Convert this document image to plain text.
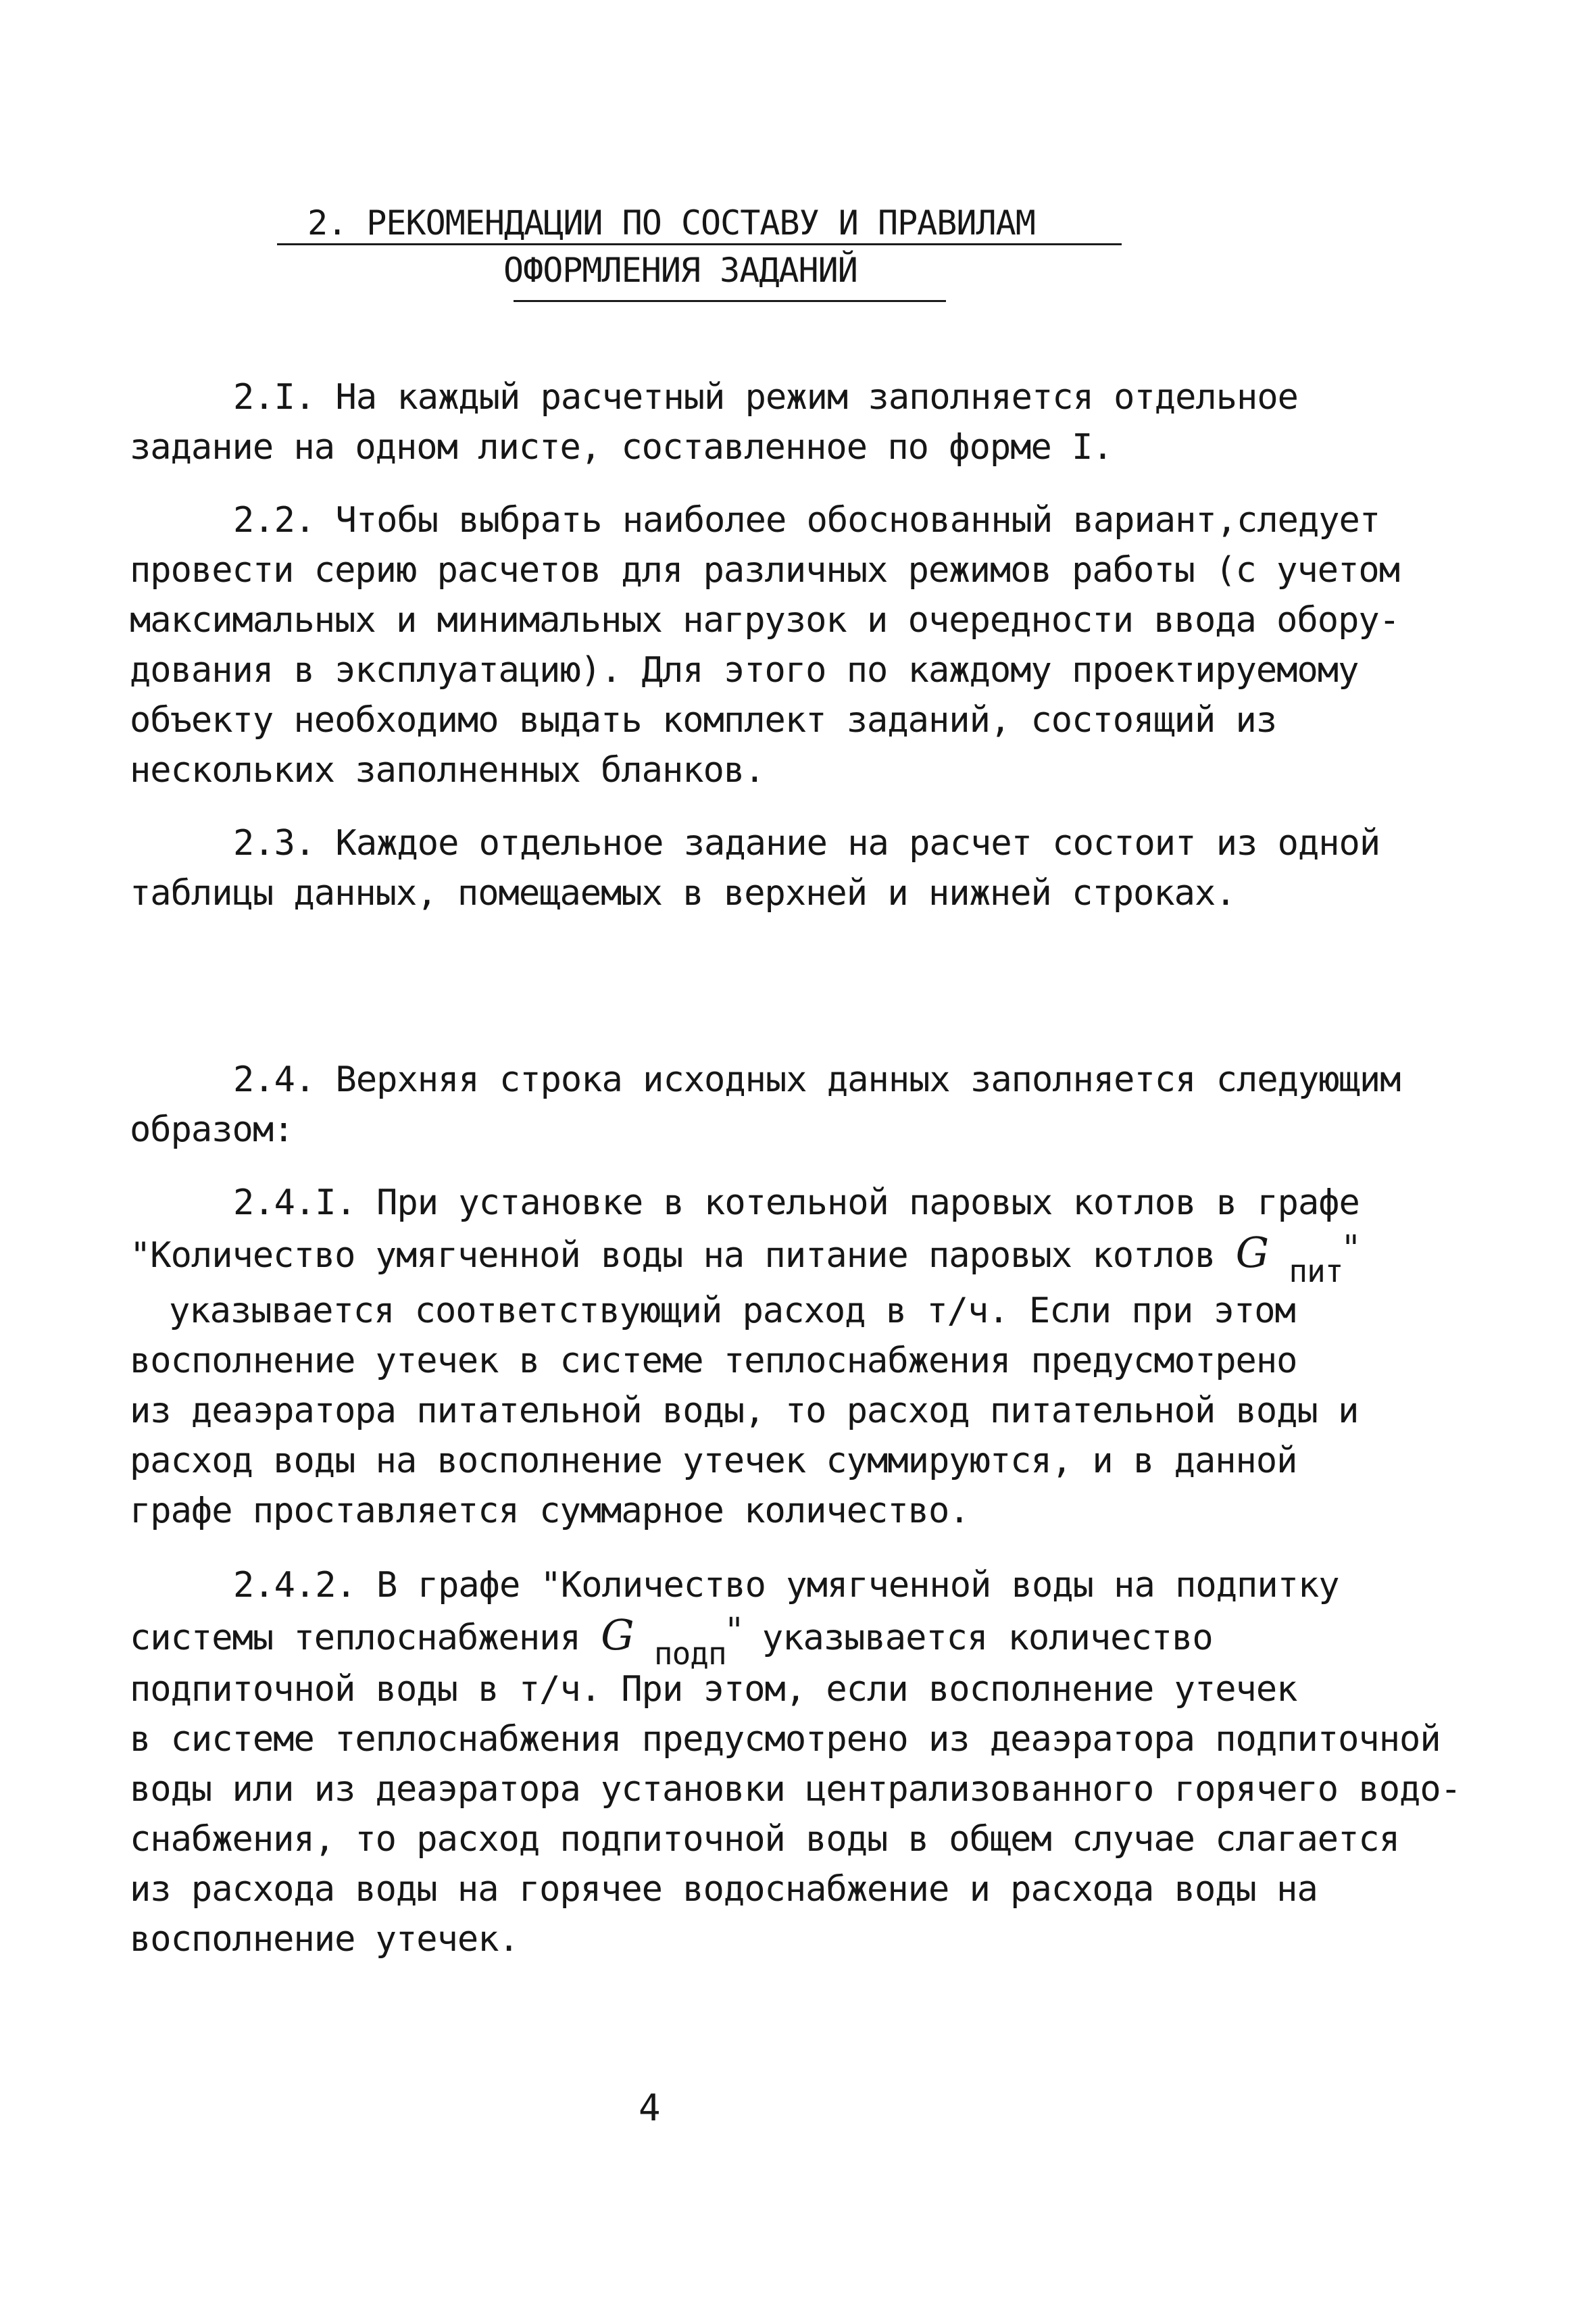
2. РЕКОМЕНДАЦИИ ПО СОСТАВУ И ПРАВИЛАМ
ОФОРМЛЕНИЯ ЗАДАНИЙ
2.I. На каждый расчетный режим заполняется отдельное
задание на одном листе, составленное по форме I.
2.2. Чтобы выбрать наиболее обоснованный вариант,следует
провести серию расчетов для различных режимов работы (с учетом
максимальных и минимальных нагрузок и очередности ввода обору-
дования в эксплуатацию). Для этого по каждому проектируемому
объекту необходимо выдать комплект заданий, состоящий из
нескольких заполненных бланков.
2.3. Каждое отдельное задание на расчет состоит из одной
таблицы данных, помещаемых в верхней и нижней строках.
2.4. Верхняя строка исходных данных заполняется следующим
образом:
2.4.I. При установке в котельной паровых котлов в графе
"Количество умягченной воды на питание паровых котлов G пит"
указывается соответствующий расход в т/ч. Если при этом
восполнение утечек в системе теплоснабжения предусмотрено
из деаэратора питательной воды, то расход питательной воды и
расход воды на восполнение утечек суммируются, и в данной
графе проставляется суммарное количество.
2.4.2. В графе "Количество умягченной воды на подпитку
системы теплоснабжения G подп" указывается количество
подпиточной воды в т/ч. При этом, если восполнение утечек
в системе теплоснабжения предусмотрено из деаэратора подпиточной
воды или из деаэратора установки централизованного горячего водо-
снабжения, то расход подпиточной воды в общем случае слагается
из расхода воды на горячее водоснабжение и расхода воды на
восполнение утечек.
4
